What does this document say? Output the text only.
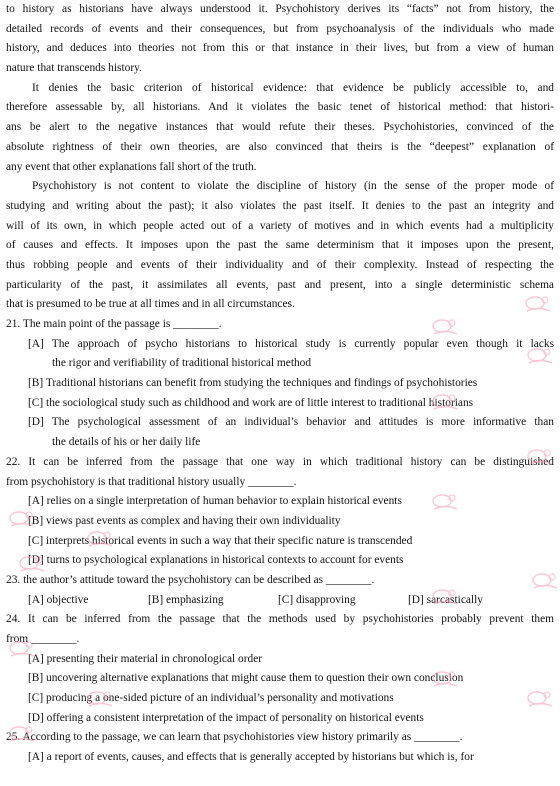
to history as historians have always understood it. Psychohistory derives its “facts” not from history, the
detailed records of events and their consequences, but from psychoanalysis of the individuals who made
history, and deduces into theories not from this or that instance in their lives, but from a view of human
nature that transcends history.
It denies the basic criterion of historical evidence: that evidence be publicly accessible to, and
therefore assessable by, all historians. And it violates the basic tenet of historical method: that histori-
ans be alert to the negative instances that would refute their theses. Psychohistories, convinced of the
absolute rightness of their own theories, are also convinced that theirs is the “deepest” explanation of
any event that other explanations fall short of the truth.
Psychohistory is not content to violate the discipline of history (in the sense of the proper mode of
studying and writing about the past); it also violates the past itself. It denies to the past an integrity and
will of its own, in which people acted out of a variety of motives and in which events had a multiplicity
of causes and effects. It imposes upon the past the same determinism that it imposes upon the present,
thus robbing people and events of their individuality and of their complexity. Instead of respecting the
particularity of the past, it assimilates all events, past and present, into a single deterministic schema
that is presumed to be true at all times and in all circumstances.
21. The main point of the passage is ________.
[A] The approach of psycho historians to historical study is currently popular even though it lacks
the rigor and verifiability of traditional historical method
[B] Traditional historians can benefit from studying the techniques and findings of psychohistories
[C] the sociological study such as childhood and work are of little interest to traditional historians
[D] The psychological assessment of an individual’s behavior and attitudes is more informative than
the details of his or her daily life
22. It can be inferred from the passage that one way in which traditional history can be distinguished
from psychohistory is that traditional history usually ________.
[A] relies on a single interpretation of human behavior to explain historical events
[B] views past events as complex and having their own individuality
[C] interprets historical events in such a way that their specific nature is transcended
[D] turns to psychological explanations in historical contexts to account for events
23. the author’s attitude toward the psychohistory can be described as ________.
[A] objective	[B] emphasizing	[C] disapproving	[D] sarcastically
24. It can be inferred from the passage that the methods used by psychohistories probably prevent them
from ________.
[A] presenting their material in chronological order
[B] uncovering alternative explanations that might cause them to question their own conclusion
[C] producing a one-sided picture of an individual’s personality and motivations
[D] offering a consistent interpretation of the impact of personality on historical events
25. According to the passage, we can learn that psychohistories view history primarily as ________.
[A] a report of events, causes, and effects that is generally accepted by historians but which is, for
